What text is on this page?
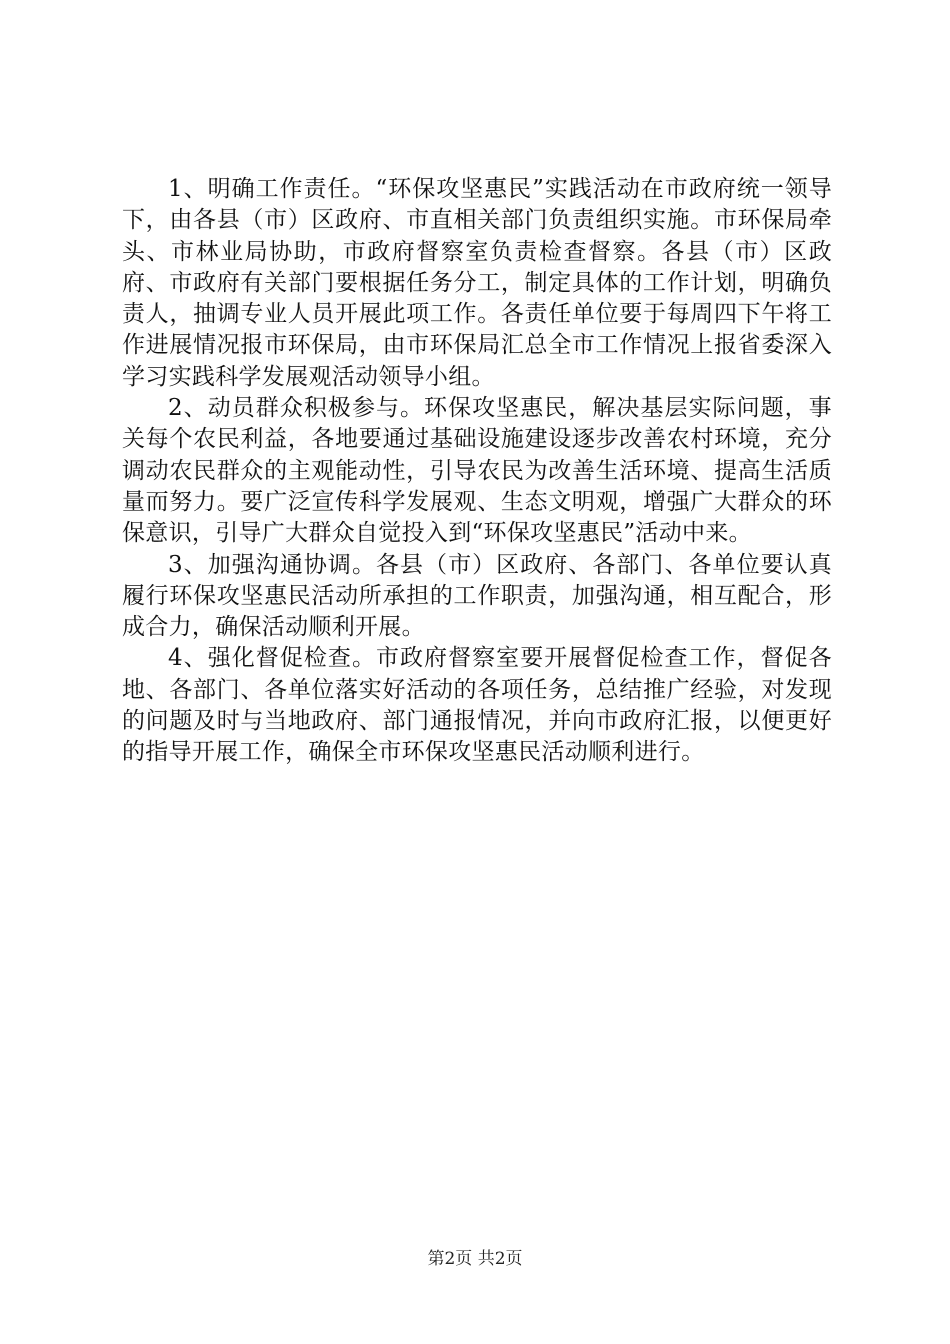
1、明确工作责任。“环保攻坚惠民”实践活动在市政府统一领导下，由各县（市）区政府、市直相关部门负责组织实施。市环保局牵头、市林业局协助，市政府督察室负责检查督察。各县（市）区政府、市政府有关部门要根据任务分工，制定具体的工作计划，明确负责人，抽调专业人员开展此项工作。各责任单位要于每周四下午将工作进展情况报市环保局，由市环保局汇总全市工作情况上报省委深入学习实践科学发展观活动领导小组。

2、动员群众积极参与。环保攻坚惠民，解决基层实际问题，事关每个农民利益，各地要通过基础设施建设逐步改善农村环境，充分调动农民群众的主观能动性，引导农民为改善生活环境、提高生活质量而努力。要广泛宣传科学发展观、生态文明观，增强广大群众的环保意识，引导广大群众自觉投入到“环保攻坚惠民”活动中来。

3、加强沟通协调。各县（市）区政府、各部门、各单位要认真履行环保攻坚惠民活动所承担的工作职责，加强沟通，相互配合，形成合力，确保活动顺利开展。

4、强化督促检查。市政府督察室要开展督促检查工作，督促各地、各部门、各单位落实好活动的各项任务，总结推广经验，对发现的问题及时与当地政府、部门通报情况，并向市政府汇报，以便更好的指导开展工作，确保全市环保攻坚惠民活动顺利进行。

第2页 共2页
